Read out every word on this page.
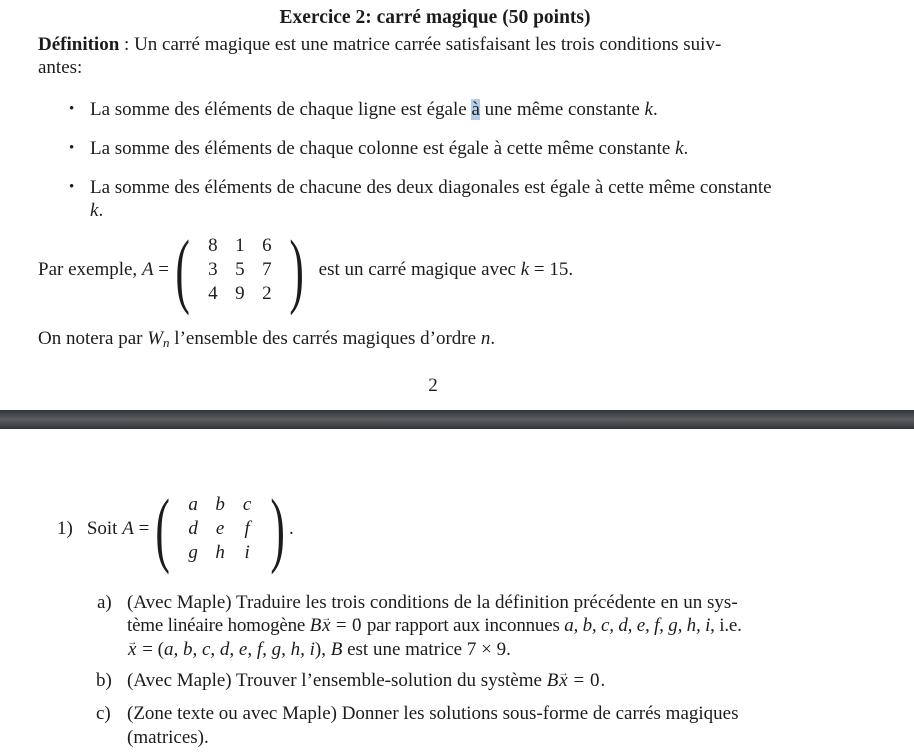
Exercice 2: carré magique (50 points)
Définition : Un carré magique est une matrice carrée satisfaisant les trois conditions suiv-
antes:
• La somme des éléments de chaque ligne est égale à une même constante k.
• La somme des éléments de chaque colonne est égale à cette même constante k.
• La somme des éléments de chacune des deux diagonales est égale à cette même constante
k.
Par exemple, A = ( 8 1 6
3 5 7
4 9 2 ) est un carré magique avec k = 15.
On notera par Wn l’ensemble des carrés magiques d’ordre n.
2
1) Soit A = ( a b c
d e	f
g h	i ) .
a) (Avec Maple) Traduire les trois conditions de la définition précédente en un sys-
tème linéaire homogène B→ x = → 0 par rapport aux inconnues a, b, c, d, e, f, g, h, i, i.e.
→ x = (a, b, c, d, e, f, g, h, i), B est une matrice 7 × 9.
b) (Avec Maple) Trouver l’ensemble-solution du système B→ x = → 0.
c) (Zone texte ou avec Maple) Donner les solutions sous-forme de carrés magiques
(matrices).
